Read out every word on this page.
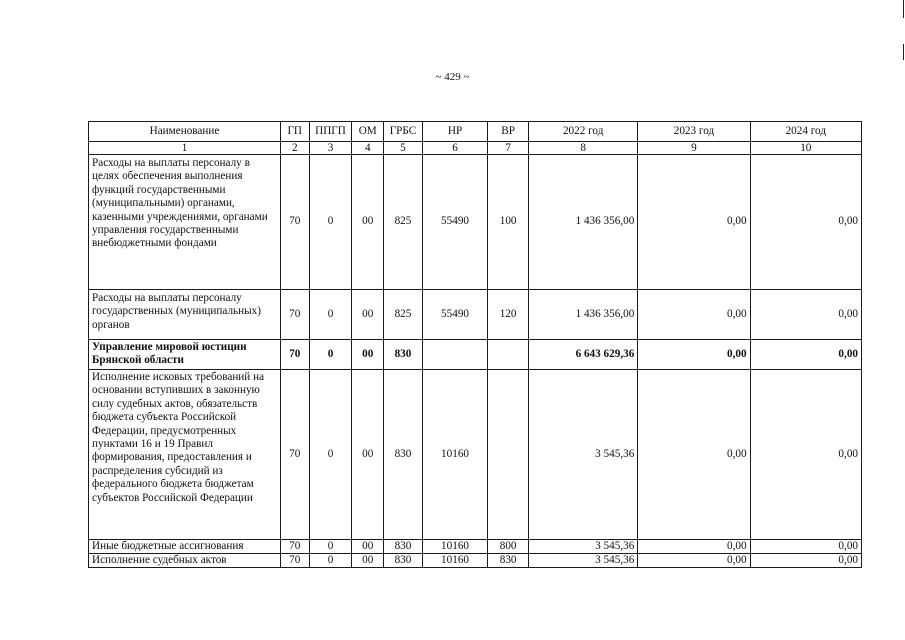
~ 429 ~
Наименование	ГП	ППГП	ОМ	ГРБС	НР	ВР	2022 год	2023 год	2024 год
1	2	3	4	5	6	7	8	9	10
Расходы на выплаты персоналу в целях обеспечения выполнения функций государственными (муниципальными) органами, казенными учреждениями, органами управления государственными внебюджетными фондами	70	0	00	825	55490	100	1 436 356,00	0,00	0,00
Расходы на выплаты персоналу государственных (муниципальных) органов	70	0	00	825	55490	120	1 436 356,00	0,00	0,00
Управление мировой юстиции Брянской области	70	0	00	830			6 643 629,36	0,00	0,00
Исполнение исковых требований на основании вступивших в законную силу судебных актов, обязательств бюджета субъекта Российской Федерации, предусмотренных пунктами 16 и 19 Правил формирования, предоставления и распределения субсидий из федерального бюджета бюджетам субъектов Российской Федерации	70	0	00	830	10160		3 545,36	0,00	0,00
Иные бюджетные ассигнования	70	0	00	830	10160	800	3 545,36	0,00	0,00
Исполнение судебных актов	70	0	00	830	10160	830	3 545,36	0,00	0,00
